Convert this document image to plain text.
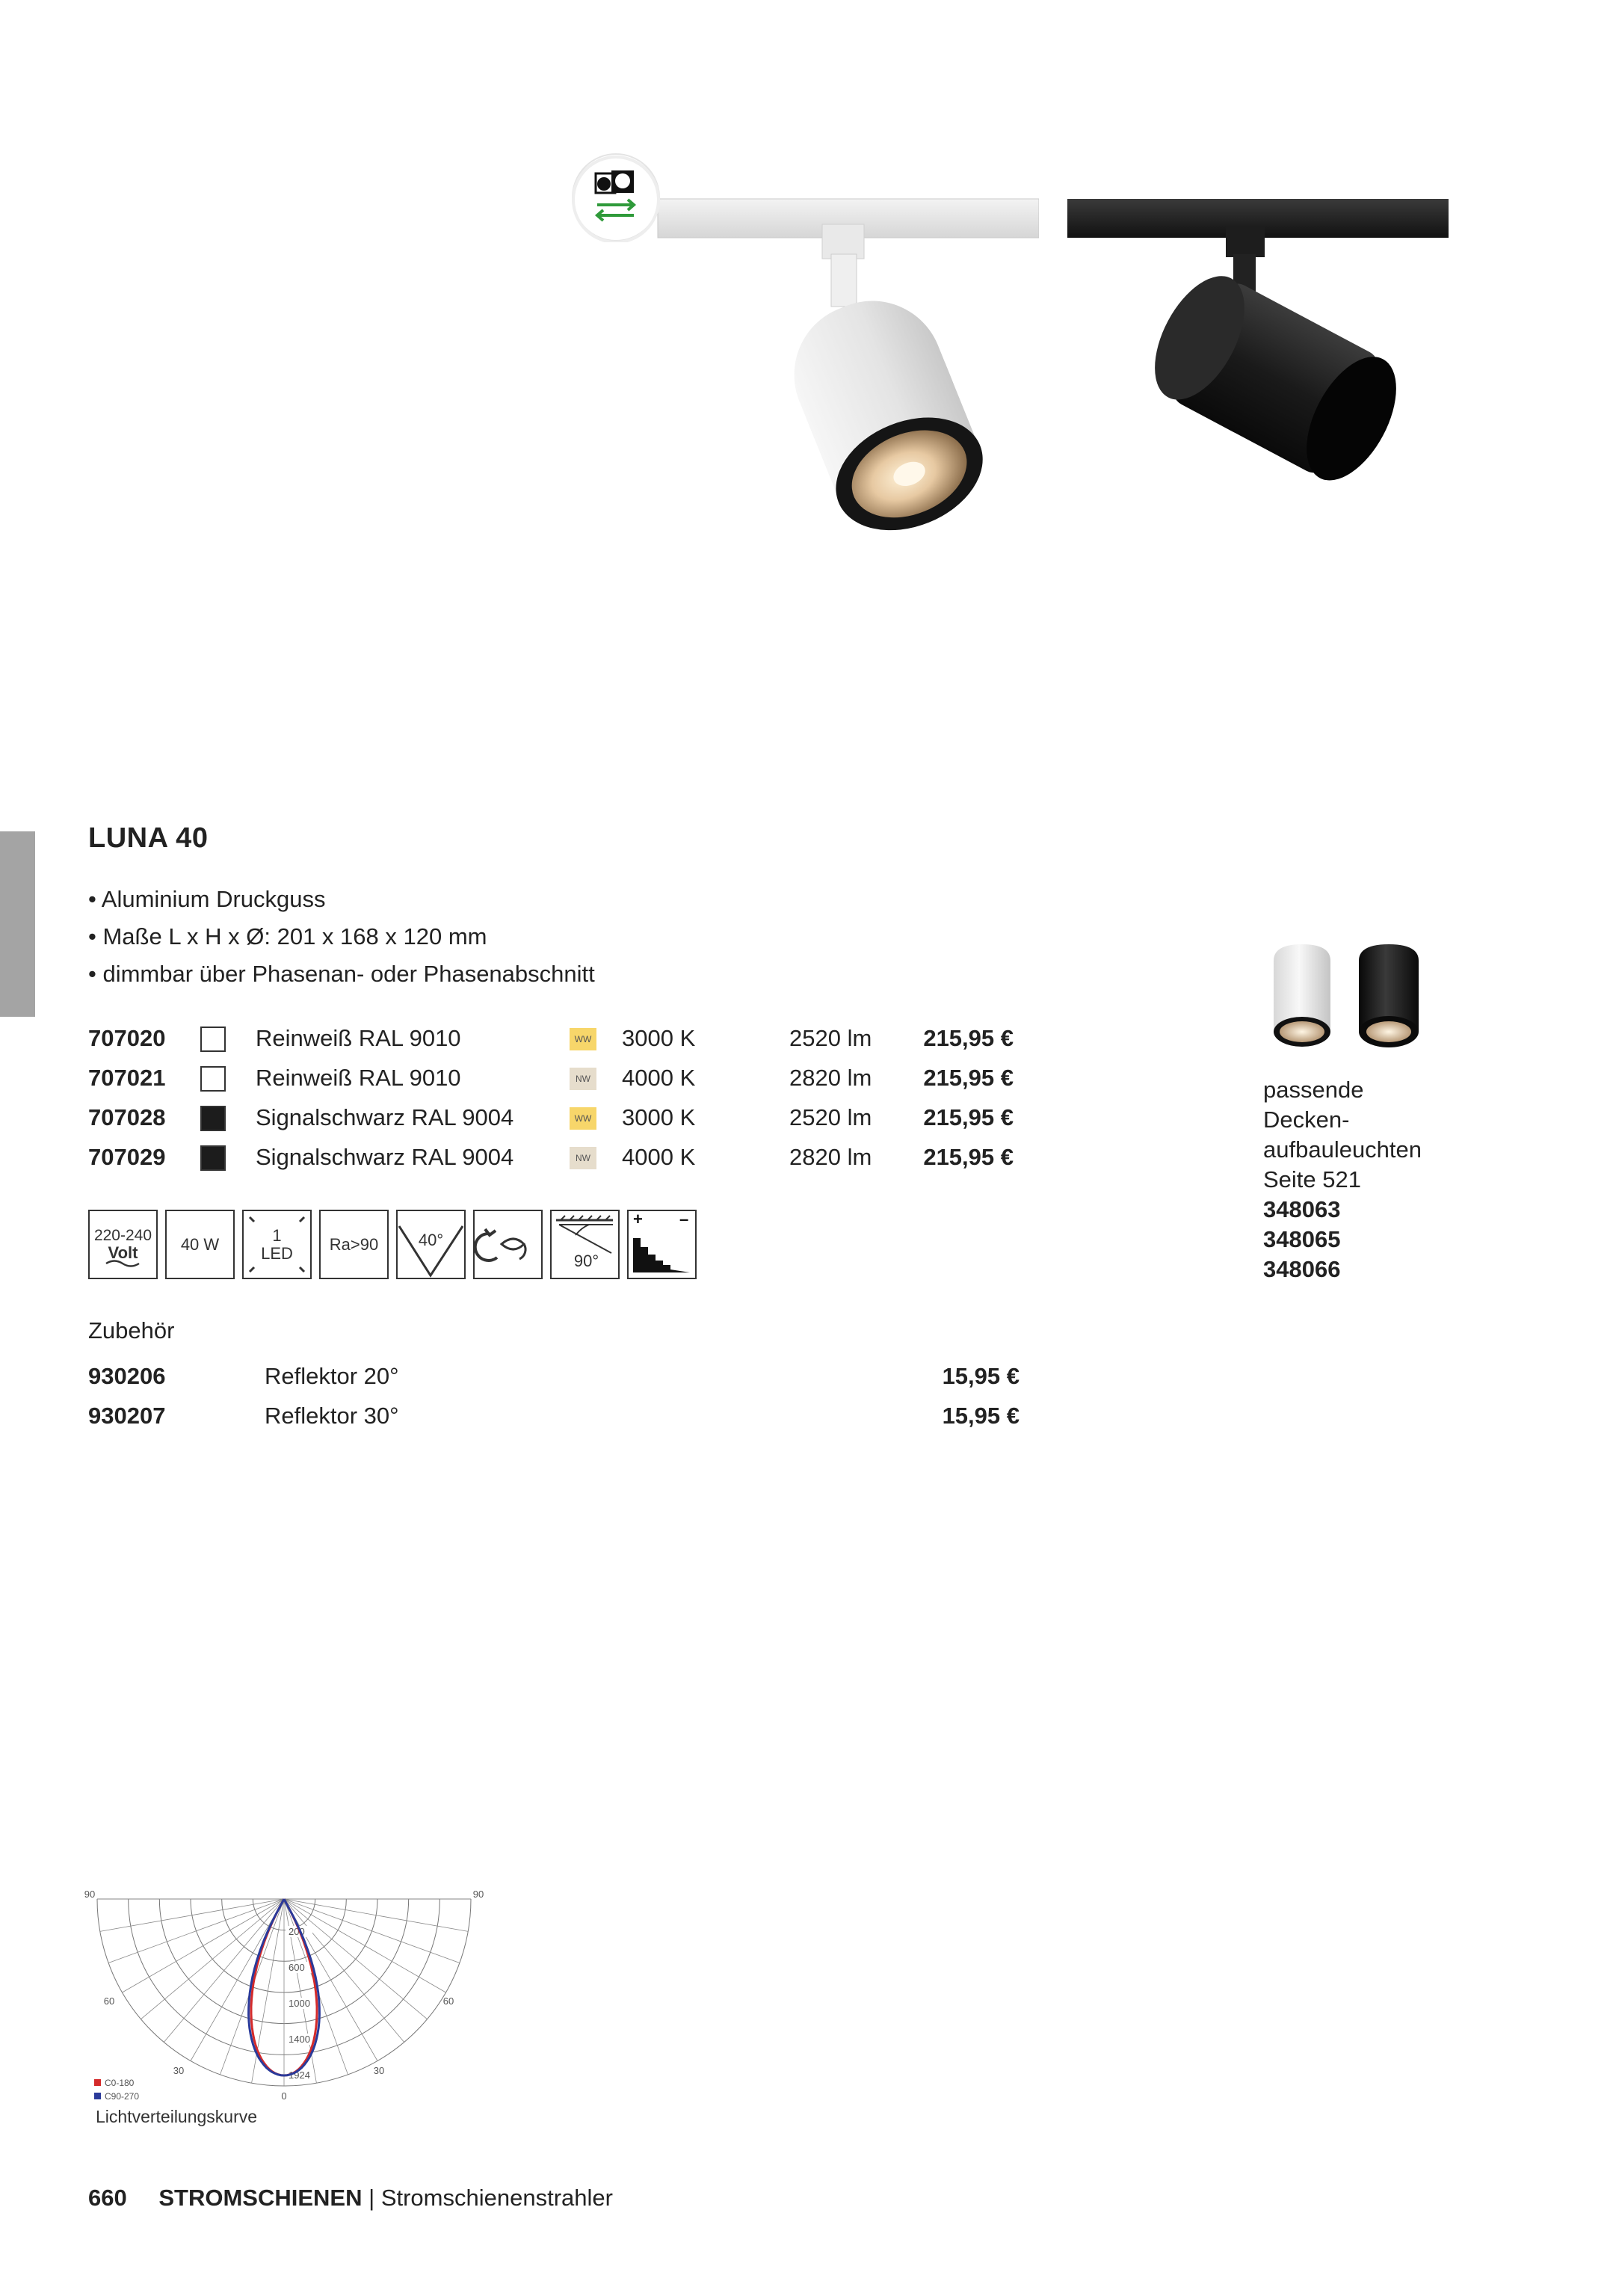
LUNA 40
• Aluminium Druckguss
• Maße L x H x Ø: 201 x 168 x 120 mm
• dimmbar über Phasenan- oder Phasenabschnitt
707020		Reinweiß RAL 9010	WW	3000 K	2520 lm	215,95 €
707021		Reinweiß RAL 9010	NW	4000 K	2820 lm	215,95 €
707028		Signalschwarz RAL 9004	WW	3000 K	2520 lm	215,95 €
707029		Signalschwarz RAL 9004	NW	4000 K	2820 lm	215,95 €
220-240
Volt	40 W	1
LED Ra>90 40°
90°
+ –
Zubehör
930206	Reflektor 20°	15,95 €
930207	Reflektor 30°	15,95 €
passende
Decken-
aufbauleuchten
Seite 521
348063
348065
348066
90	90
60	60
30	30
0
200
600
1000
1400
1924
C0-180
C90-270
Lichtverteilungskurve
660 STROMSCHIENEN | Stromschienenstrahler
